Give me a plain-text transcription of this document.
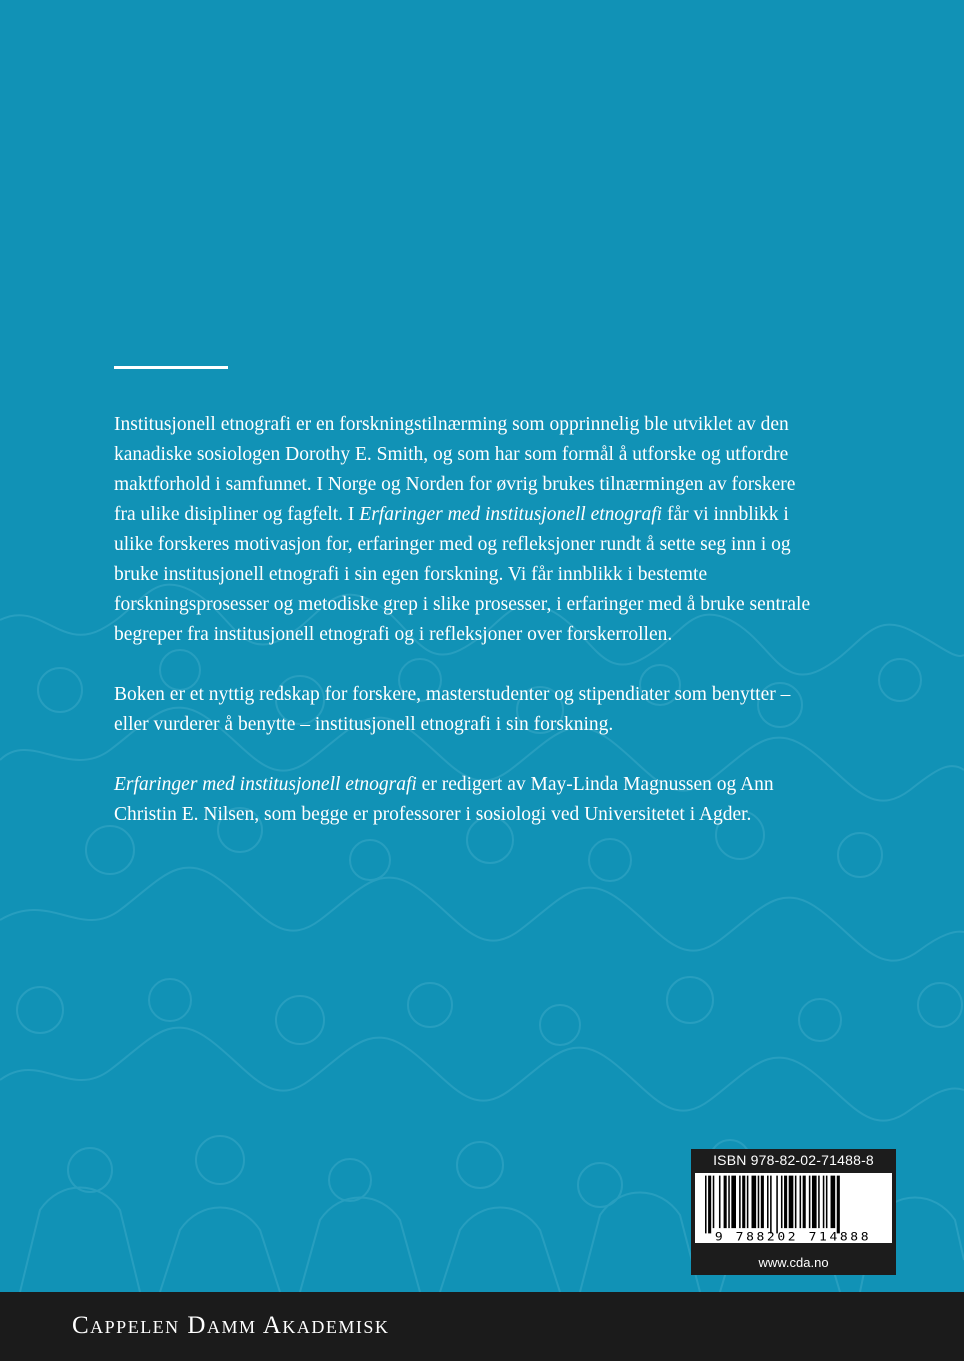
Institusjonell etnografi er en forskningstilnærming som opprinnelig ble utviklet av den kanadiske sosiologen Dorothy E. Smith, og som har som formål å utforske og utfordre maktforhold i samfunnet. I Norge og Norden for øvrig brukes tilnærmingen av forskere fra ulike disipliner og fagfelt. I Erfaringer med institusjonell etnografi får vi innblikk i ulike forskeres motivasjon for, erfaringer med og refleksjoner rundt å sette seg inn i og bruke institusjonell etnografi i sin egen forskning. Vi får innblikk i bestemte forskningsprosesser og metodiske grep i slike prosesser, i erfaringer med å bruke sentrale begreper fra institusjonell etnografi og i refleksjoner over forskerrollen.

Boken er et nyttig redskap for forskere, masterstudenter og stipendiater som benytter – eller vurderer å benytte – institusjonell etnografi i sin forskning.

Erfaringer med institusjonell etnografi er redigert av May-Linda Magnussen og Ann Christin E. Nilsen, som begge er professorer i sosiologi ved Universitetet i Agder.

ISBN 978-82-02-71488-8
9 788202 714888
www.cda.no
Cappelen Damm Akademisk
